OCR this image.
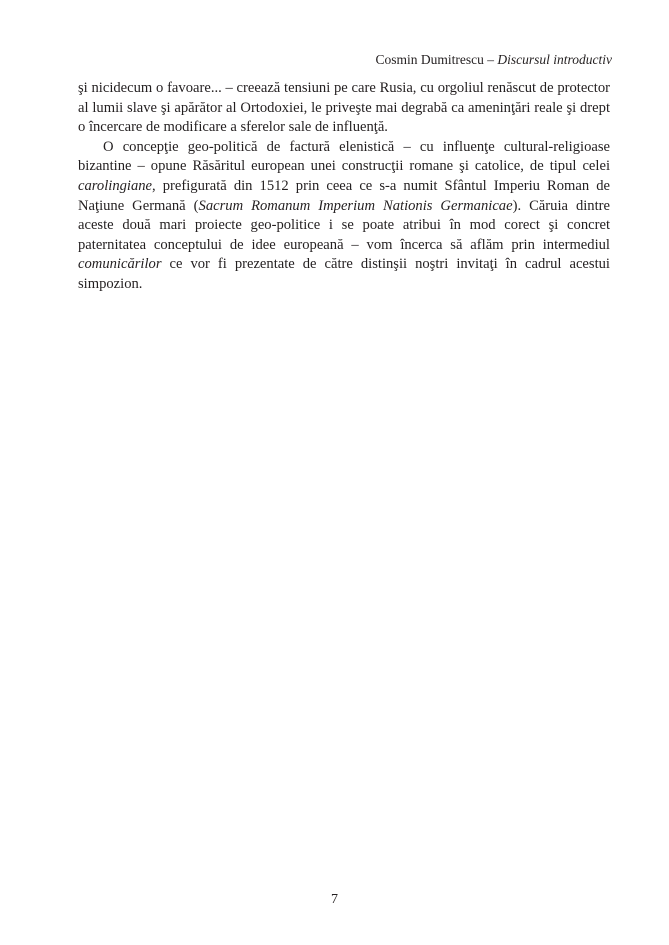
Cosmin Dumitrescu – Discursul introductiv

şi nicidecum o favoare... – creează tensiuni pe care Rusia, cu orgoliul renăscut de protector al lumii slave şi apărător al Ortodoxiei, le priveşte mai degrabă ca ameninţări reale şi drept o încercare de modificare a sferelor sale de influenţă.

O concepţie geo-politică de factură elenistică – cu influenţe cultural-religioase bizantine – opune Răsăritul european unei construcţii romane şi catolice, de tipul celei carolingiane, prefigurată din 1512 prin ceea ce s-a numit Sfântul Imperiu Roman de Naţiune Germană (Sacrum Romanum Imperium Nationis Germanicae). Căruia dintre aceste două mari proiecte geo-politice i se poate atribui în mod corect şi concret paternitatea conceptului de idee europeană – vom încerca să aflăm prin intermediul comunicărilor ce vor fi prezentate de către distinşii noştri invitaţi în cadrul acestui simpozion.

7
